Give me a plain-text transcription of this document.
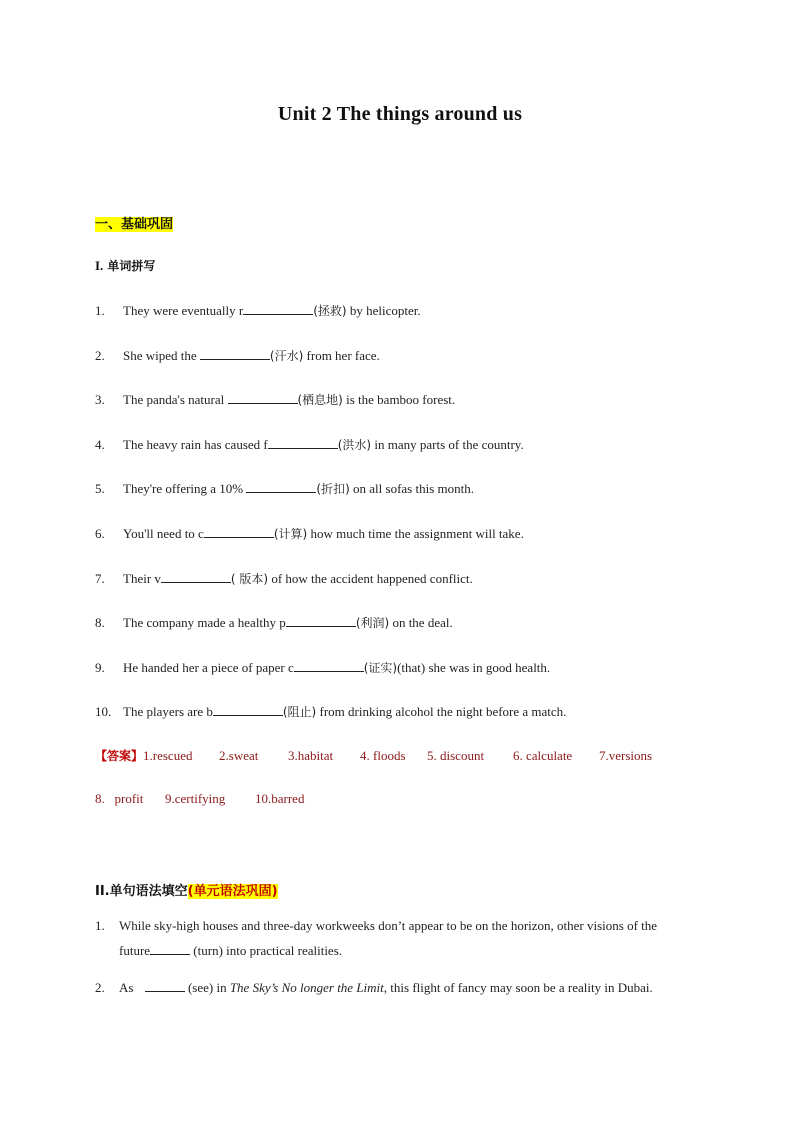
Unit 2 The things around us
一、基础巩固
I. 单词拼写
1. They were eventually r	(拯救) by helicopter.
2. She wiped the	(汗水) from her face.
3. The panda's natural	(栖息地) is the bamboo forest.
4. The heavy rain has caused f	(洪水) in many parts of the country.
5. They're offering a 10%	(折扣) on all sofas this month.
6. You'll need to c	(计算) how much time the assignment will take.
7. Their v	( 版本) of how the accident happened conflict.
8. The company made a healthy p	(利润) on the deal.
9. He handed her a piece of paper c	(证实)(that) she was in good health.
10. The players are b	(阻止) from drinking alcohol the night before a match.
【答案】1.rescued 2.sweat 3.habitat 4. floods 5. discount 6. calculate 7.versions
8.   profit 9.certifying 10.barred
II.单句语法填空(单元语法巩固)
1. While sky-high houses and three-day workweeks don’t appear to be on the horizon, other visions of the
future	(turn) into practical realities.
2. As	(see) in The Sky’s No longer the Limit, this flight of fancy may soon be a reality in Dubai.
